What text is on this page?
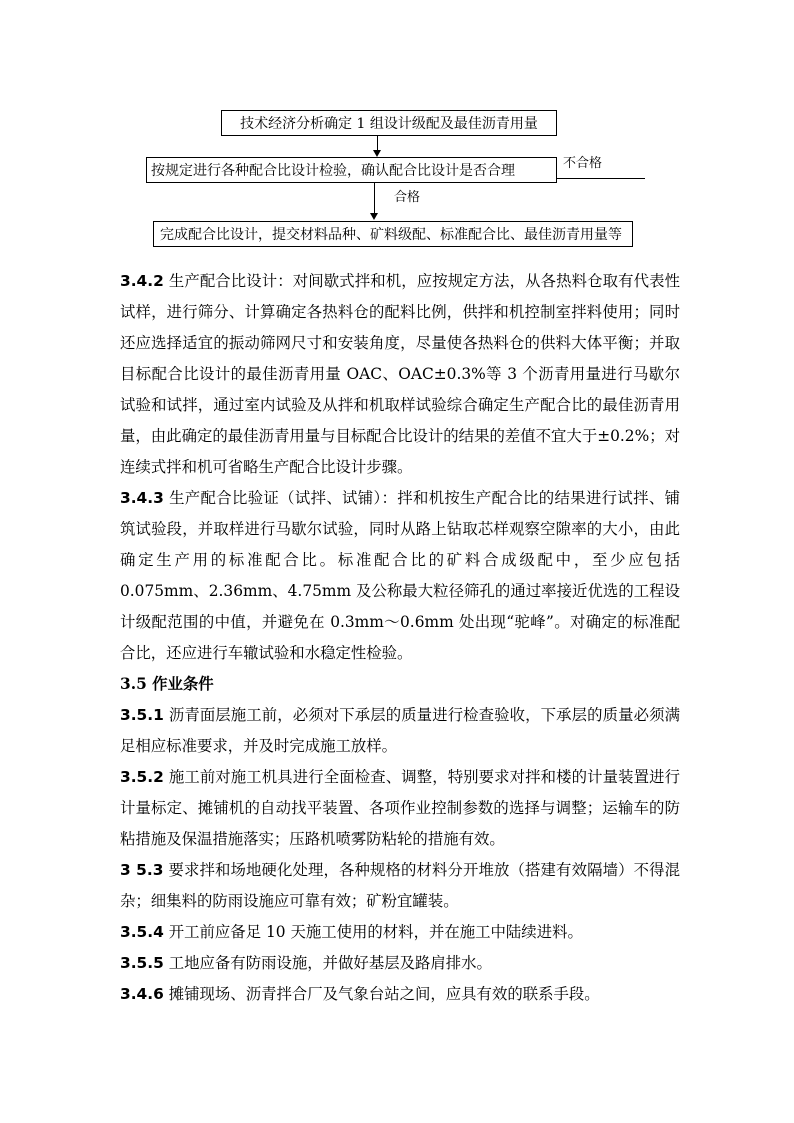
技术经济分析确定 1 组设计级配及最佳沥青用量
按规定进行各种配合比设计检验，确认配合比设计是否合理	不合格
合格
完成配合比设计，提交材料品种、矿料级配、标准配合比、最佳沥青用量等

3.4.2 生产配合比设计：对间歇式拌和机，应按规定方法，从各热料仓取有代表性试样，进行筛分、计算确定各热料仓的配料比例，供拌和机控制室拌料使用；同时还应选择适宜的振动筛网尺寸和安装角度，尽量使各热料仓的供料大体平衡；并取目标配合比设计的最佳沥青用量 OAC、OAC±0.3%等 3 个沥青用量进行马歇尔试验和试拌，通过室内试验及从拌和机取样试验综合确定生产配合比的最佳沥青用量，由此确定的最佳沥青用量与目标配合比设计的结果的差值不宜大于±0.2%；对连续式拌和机可省略生产配合比设计步骤。

3.4.3 生产配合比验证（试拌、试铺）：拌和机按生产配合比的结果进行试拌、铺筑试验段，并取样进行马歇尔试验，同时从路上钻取芯样观察空隙率的大小，由此确定生产用的标准配合比。标准配合比的矿料合成级配中，至少应包括 0.075mm、2.36mm、4.75mm 及公称最大粒径筛孔的通过率接近优选的工程设计级配范围的中值，并避免在 0.3mm～0.6mm 处出现“驼峰”。对确定的标准配合比，还应进行车辙试验和水稳定性检验。

3.5 作业条件

3.5.1 沥青面层施工前，必须对下承层的质量进行检查验收，下承层的质量必须满足相应标准要求，并及时完成施工放样。

3.5.2 施工前对施工机具进行全面检查、调整，特别要求对拌和楼的计量装置进行计量标定、摊铺机的自动找平装置、各项作业控制参数的选择与调整；运输车的防粘措施及保温措施落实；压路机喷雾防粘轮的措施有效。

3 5.3 要求拌和场地硬化处理，各种规格的材料分开堆放（搭建有效隔墙）不得混杂；细集料的防雨设施应可靠有效；矿粉宜罐装。

3.5.4 开工前应备足 10 天施工使用的材料，并在施工中陆续进料。

3.5.5 工地应备有防雨设施，并做好基层及路肩排水。

3.4.6 摊铺现场、沥青拌合厂及气象台站之间，应具有效的联系手段。
